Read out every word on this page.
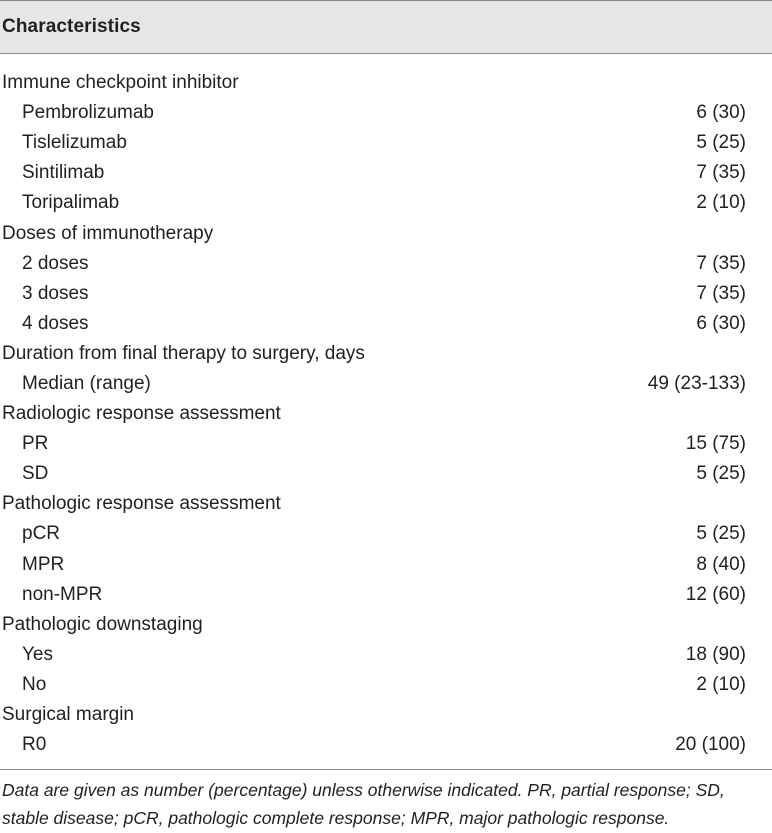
Characteristics
Immune checkpoint inhibitor
Pembrolizumab	6 (30)
Tislelizumab	5 (25)
Sintilimab	7 (35)
Toripalimab	2 (10)
Doses of immunotherapy
2 doses	7 (35)
3 doses	7 (35)
4 doses	6 (30)
Duration from final therapy to surgery, days
Median (range)	49 (23-133)
Radiologic response assessment
PR	15 (75)
SD	5 (25)
Pathologic response assessment
pCR	5 (25)
MPR	8 (40)
non-MPR	12 (60)
Pathologic downstaging
Yes	18 (90)
No	2 (10)
Surgical margin
R0	20 (100)
Data are given as number (percentage) unless otherwise indicated. PR, partial response; SD, stable disease; pCR, pathologic complete response; MPR, major pathologic response.
